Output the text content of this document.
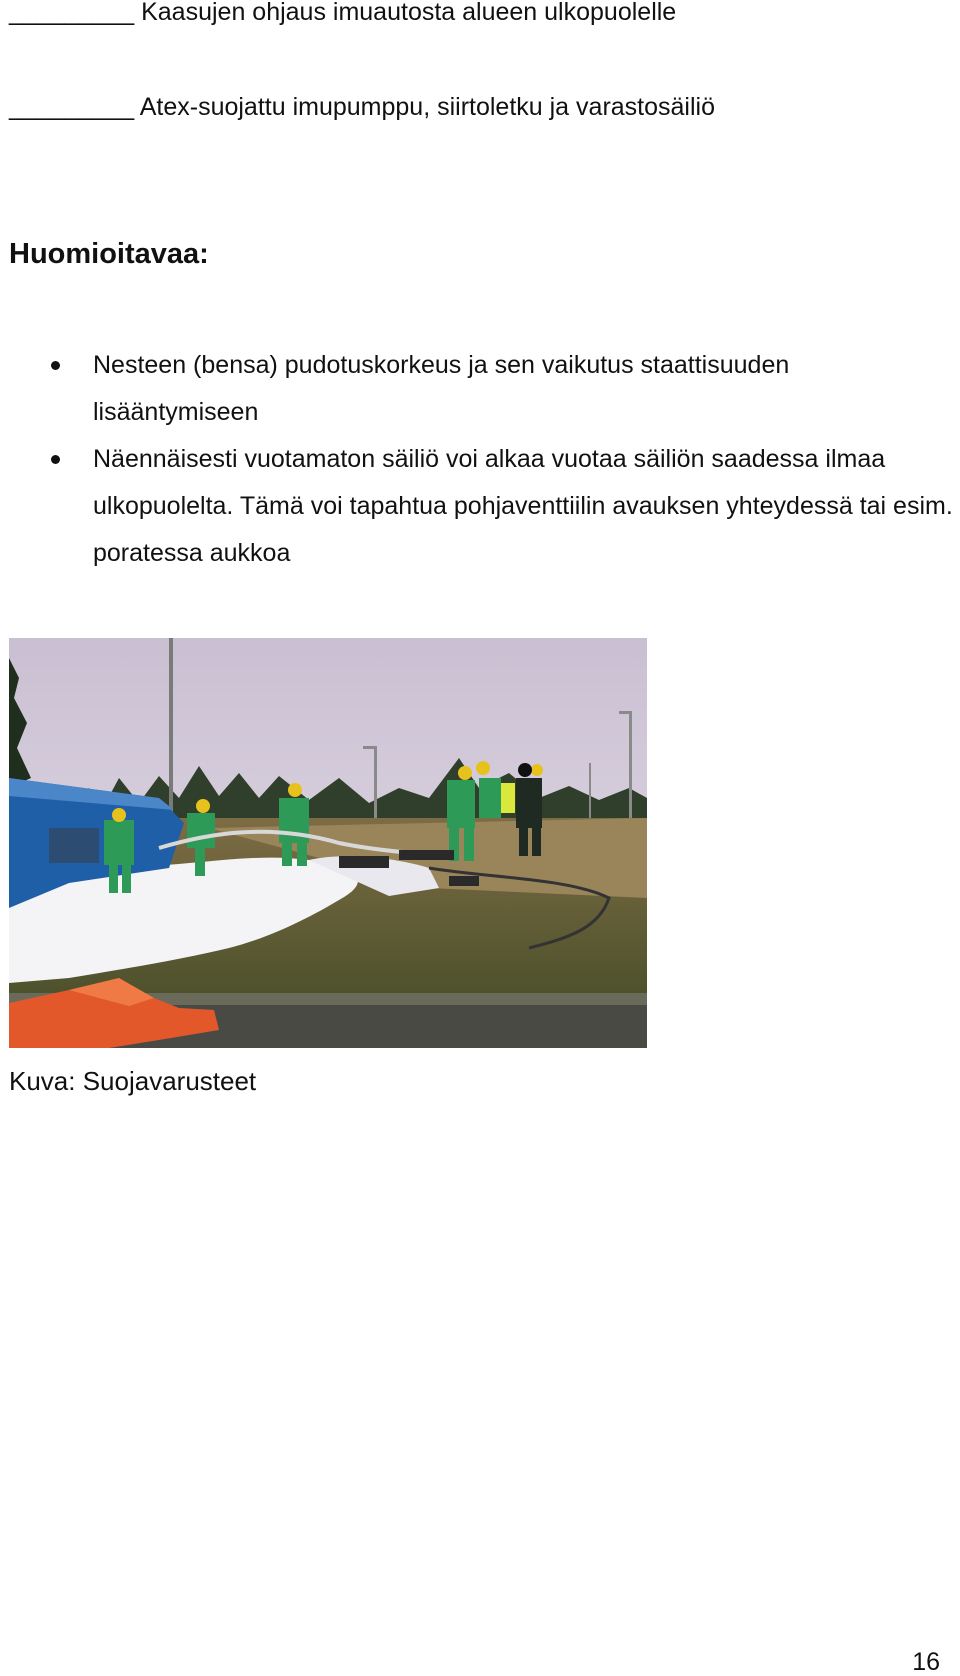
_________ Kaasujen ohjaus imuautosta alueen ulkopuolelle
_________ Atex-suojattu imupumppu, siirtoletku ja varastosäiliö
Huomioitavaa:
Nesteen (bensa) pudotuskorkeus ja sen vaikutus staattisuuden lisääntymiseen
Näennäisesti vuotamaton säiliö voi alkaa vuotaa säiliön saadessa ilmaa ulkopuolelta. Tämä voi tapahtua pohjaventtiilin avauksen yhteydessä tai esim. poratessa aukkoa
Kuva: Suojavarusteet
16
